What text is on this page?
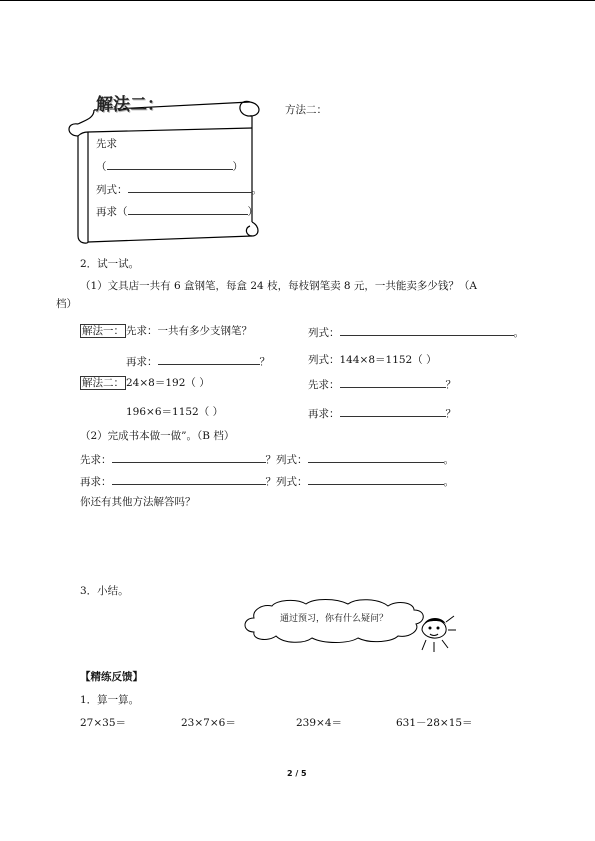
解法二：
先求
（	）
列式：	。
再求（	）
方法二：
2．试一试。
（1）文具店一共有 6 盒钢笔，每盒 24 枝，每枝钢笔卖 8 元，一共能卖多少钱？（A
档）
解法一： 先求：一共有多少支钢笔？	列式：	。
再求：	？	列式：144×8＝1152（ ）
解法二： 24×8＝192（ ）	先求：	？
196×6＝1152（ ）	再求：	？
（2）完成书本做一做”。（B 档）
先求：	？列式：	。
再求：	？列式：	。
你还有其他方法解答吗？
3．小结。
通过预习，你有什么疑问？
【精练反馈】
1．算一算。
27×35＝	23×7×6＝	239×4＝	631－28×15＝
2 / 5
